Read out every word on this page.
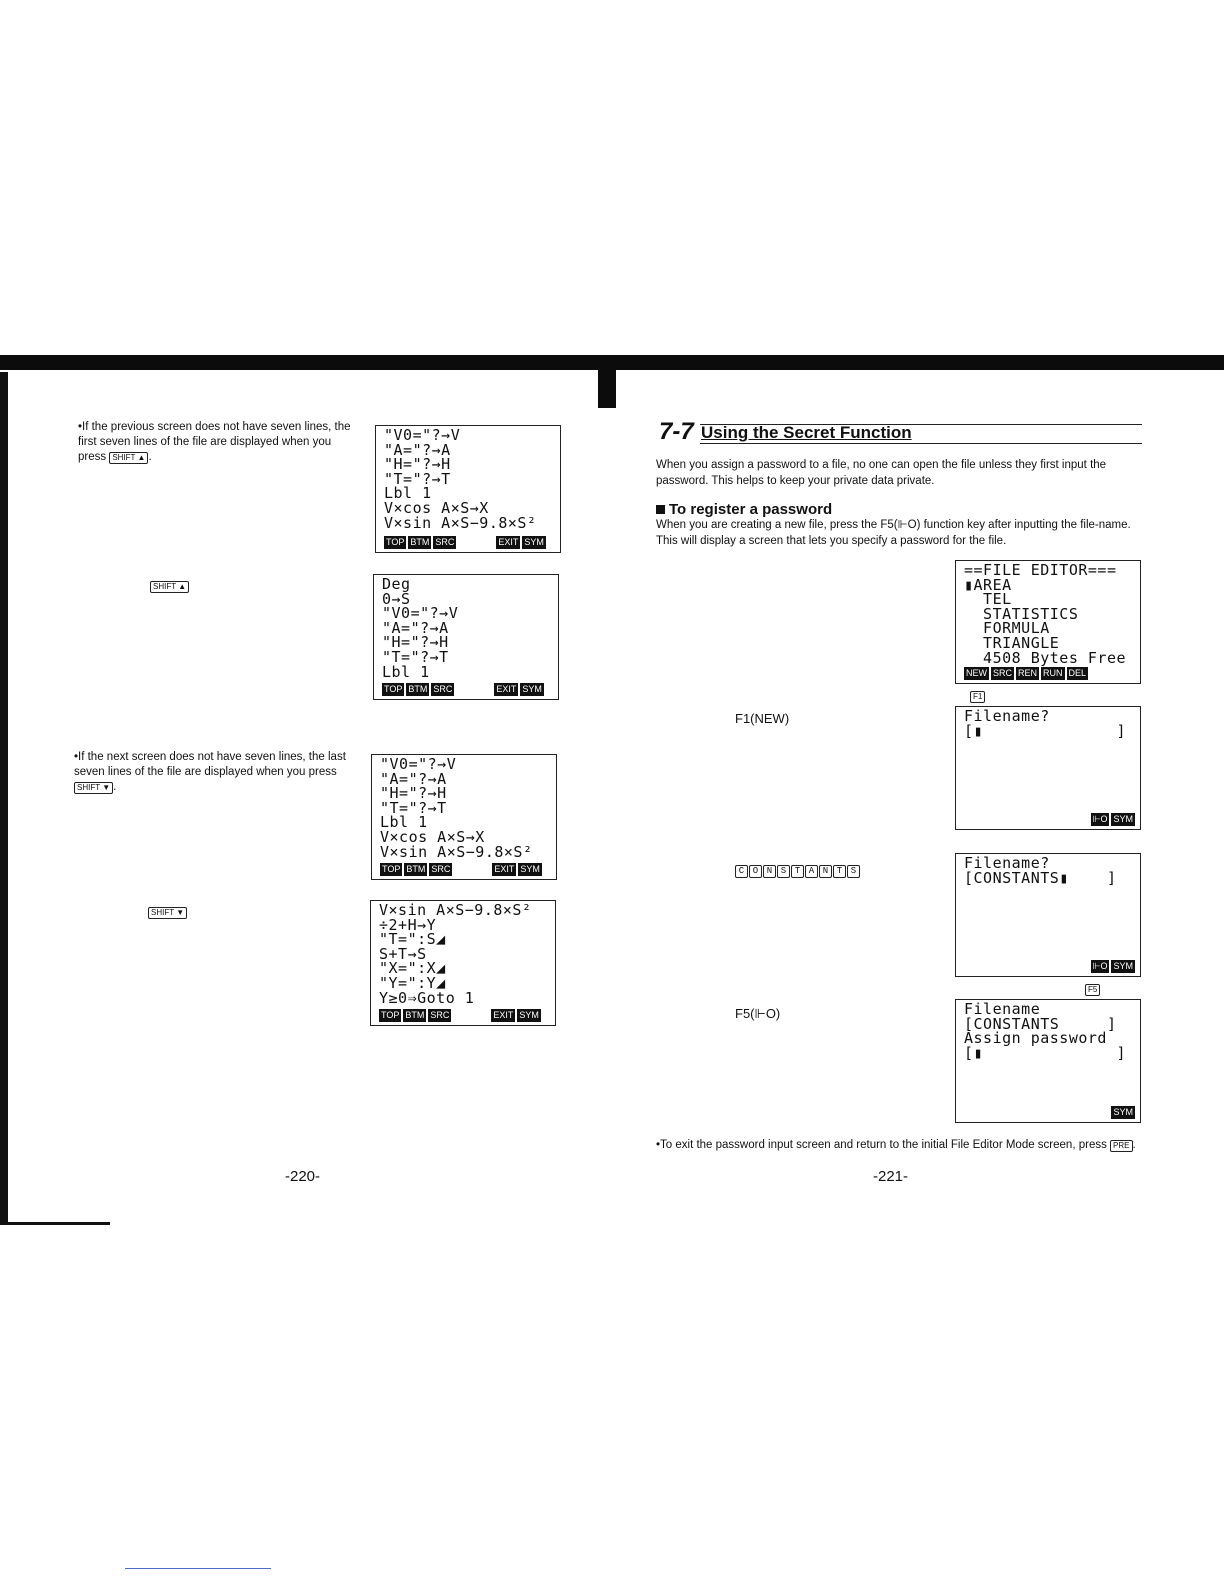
•If the previous screen does not have seven lines, the first seven lines of the file are displayed when you press SHIFT ▲ .
"V0="?→V
"A="?→A
"H="?→H
"T="?→T
Lbl 1
V×cos A×S→X
V×sin A×S−9.8×S²
TOP BTM SRC	EXIT SYM
SHIFT ▲	Deg
0→S
"V0="?→V
"A="?→A
"H="?→H
"T="?→T
Lbl 1
TOP BTM SRC	EXIT SYM
•If the next screen does not have seven lines, the last seven lines of the file are displayed when you press SHIFT ▼ .
"V0="?→V
"A="?→A
"H="?→H
"T="?→T
Lbl 1
V×cos A×S→X
V×sin A×S−9.8×S²
TOP BTM SRC	EXIT SYM
SHIFT ▼	V×sin A×S−9.8×S²
÷2+H→Y
"T=":S◢
S+T→S
"X=":X◢
"Y=":Y◢
Y≥0⇒Goto 1
TOP BTM SRC	EXIT SYM
-220-
7-7 Using the Secret Function
When you assign a password to a file, no one can open the file unless they first input the password. This helps to keep your private data private.
To register a password
When you are creating a new file, press the F5(⊩O) function key after inputting the file-name. This will display a screen that lets you specify a password for the file.
==FILE EDITOR===
▮AREA
TEL
STATISTICS
FORMULA
TRIANGLE
4508 Bytes Free
NEW SRC REN RUN DEL
F1
F1(NEW)	Filename?
[▮              ]
⊩O SYM
C O N S T A N T S	Filename?
[CONSTANTS▮    ]
⊩O SYM
F5
F5(⊩O)	Filename
[CONSTANTS     ]
Assign password
[▮              ]
SYM
•To exit the password input screen and return to the initial File Editor Mode screen, press PRE .
-221-
